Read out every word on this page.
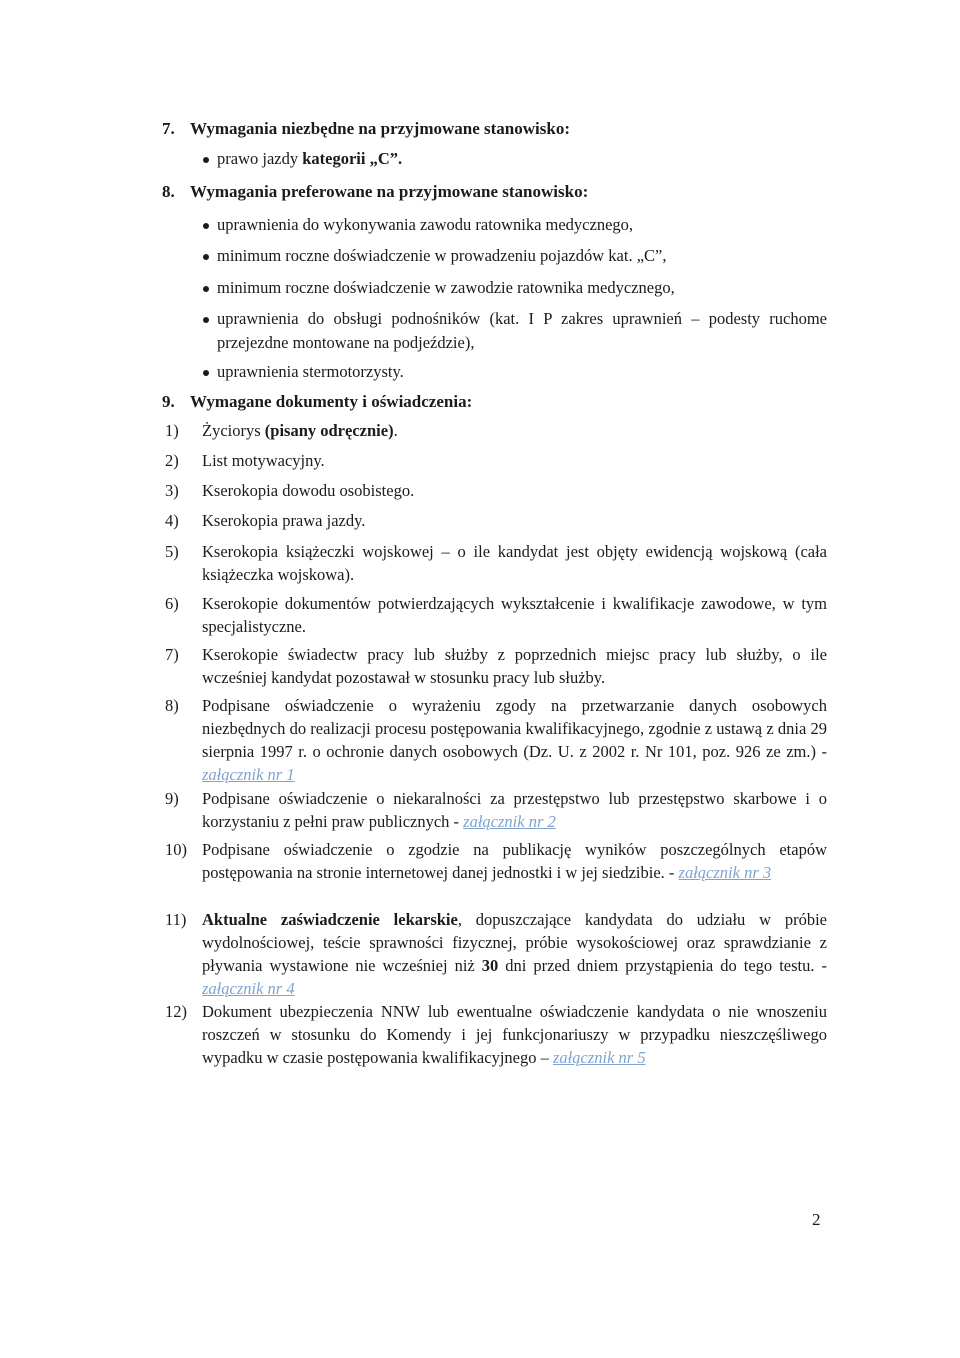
7. Wymagania niezbędne na przyjmowane stanowisko:
prawo jazdy kategorii „C”.
8. Wymagania preferowane na przyjmowane stanowisko:
uprawnienia do wykonywania zawodu ratownika medycznego,
minimum roczne doświadczenie w prowadzeniu pojazdów kat. „C”,
minimum roczne doświadczenie w zawodzie ratownika medycznego,
uprawnienia do obsługi podnośników (kat. I P zakres uprawnień – podesty ruchome przejezdne montowane na podjeździe),
uprawnienia stermotorzysty.
9. Wymagane dokumenty i oświadczenia:
1)	Życiorys (pisany odręcznie).
2)	List motywacyjny.
3)	Kserokopia dowodu osobistego.
4)	Kserokopia prawa jazdy.
5)	Kserokopia książeczki wojskowej – o ile kandydat jest objęty ewidencją wojskową (cała książeczka wojskowa).
6)	Kserokopie dokumentów potwierdzających wykształcenie i kwalifikacje zawodowe, w tym specjalistyczne.
7)	Kserokopie świadectw pracy lub służby z poprzednich miejsc pracy lub służby, o ile wcześniej kandydat pozostawał w stosunku pracy lub służby.
8)	Podpisane oświadczenie o wyrażeniu zgody na przetwarzanie danych osobowych niezbędnych do realizacji procesu postępowania kwalifikacyjnego, zgodnie z ustawą z dnia 29 sierpnia 1997 r. o ochronie danych osobowych (Dz. U. z 2002 r. Nr 101, poz. 926 ze zm.) - załącznik nr 1
9)	Podpisane oświadczenie o niekaralności za przestępstwo lub przestępstwo skarbowe i o korzystaniu z pełni praw publicznych - załącznik nr 2
10) Podpisane oświadczenie o zgodzie na publikację wyników poszczególnych etapów postępowania na stronie internetowej danej jednostki i w jej siedzibie. - załącznik nr 3
11) Aktualne zaświadczenie lekarskie, dopuszczające kandydata do udziału w próbie wydolnościowej, teście sprawności fizycznej, próbie wysokościowej oraz sprawdzianie z pływania wystawione nie wcześniej niż 30 dni przed dniem przystąpienia do tego testu. - załącznik nr 4
12) Dokument ubezpieczenia NNW lub ewentualne oświadczenie kandydata o nie wnoszeniu roszczeń w stosunku do Komendy i jej funkcjonariuszy w przypadku nieszczęśliwego wypadku w czasie postępowania kwalifikacyjnego – załącznik nr 5
2
